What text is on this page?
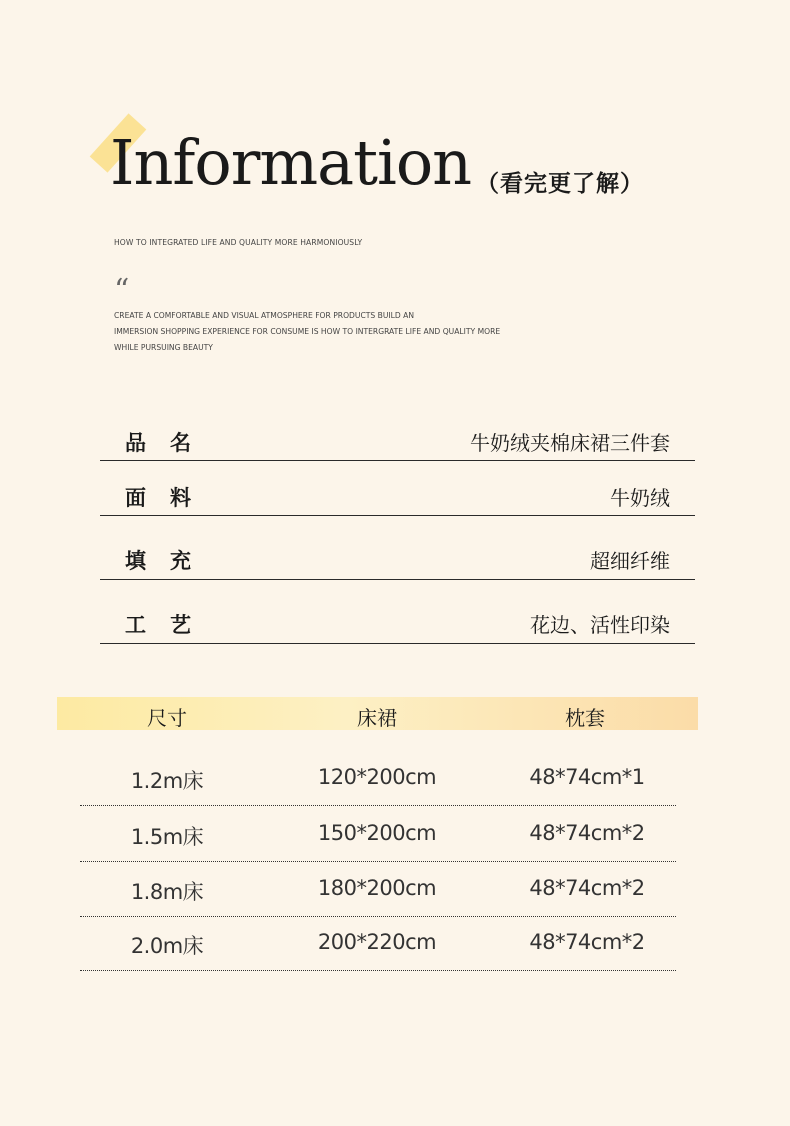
Information （看完更了解）
HOW TO INTEGRATED LIFE AND QUALITY MORE HARMONIOUSLY
“
CREATE A COMFORTABLE AND VISUAL ATMOSPHERE FOR PRODUCTS BUILD AN
IMMERSION SHOPPING EXPERIENCE FOR CONSUME IS HOW TO INTERGRATE LIFE AND QUALITY MORE
WHILE PURSUING BEAUTY
品名	牛奶绒夹棉床裙三件套
面料	牛奶绒
填充	超细纤维
工艺	花边、活性印染
尺寸	床裙	枕套
1.2m床	120*200cm	48*74cm*1
1.5m床	150*200cm	48*74cm*2
1.8m床	180*200cm	48*74cm*2
2.0m床	200*220cm	48*74cm*2
